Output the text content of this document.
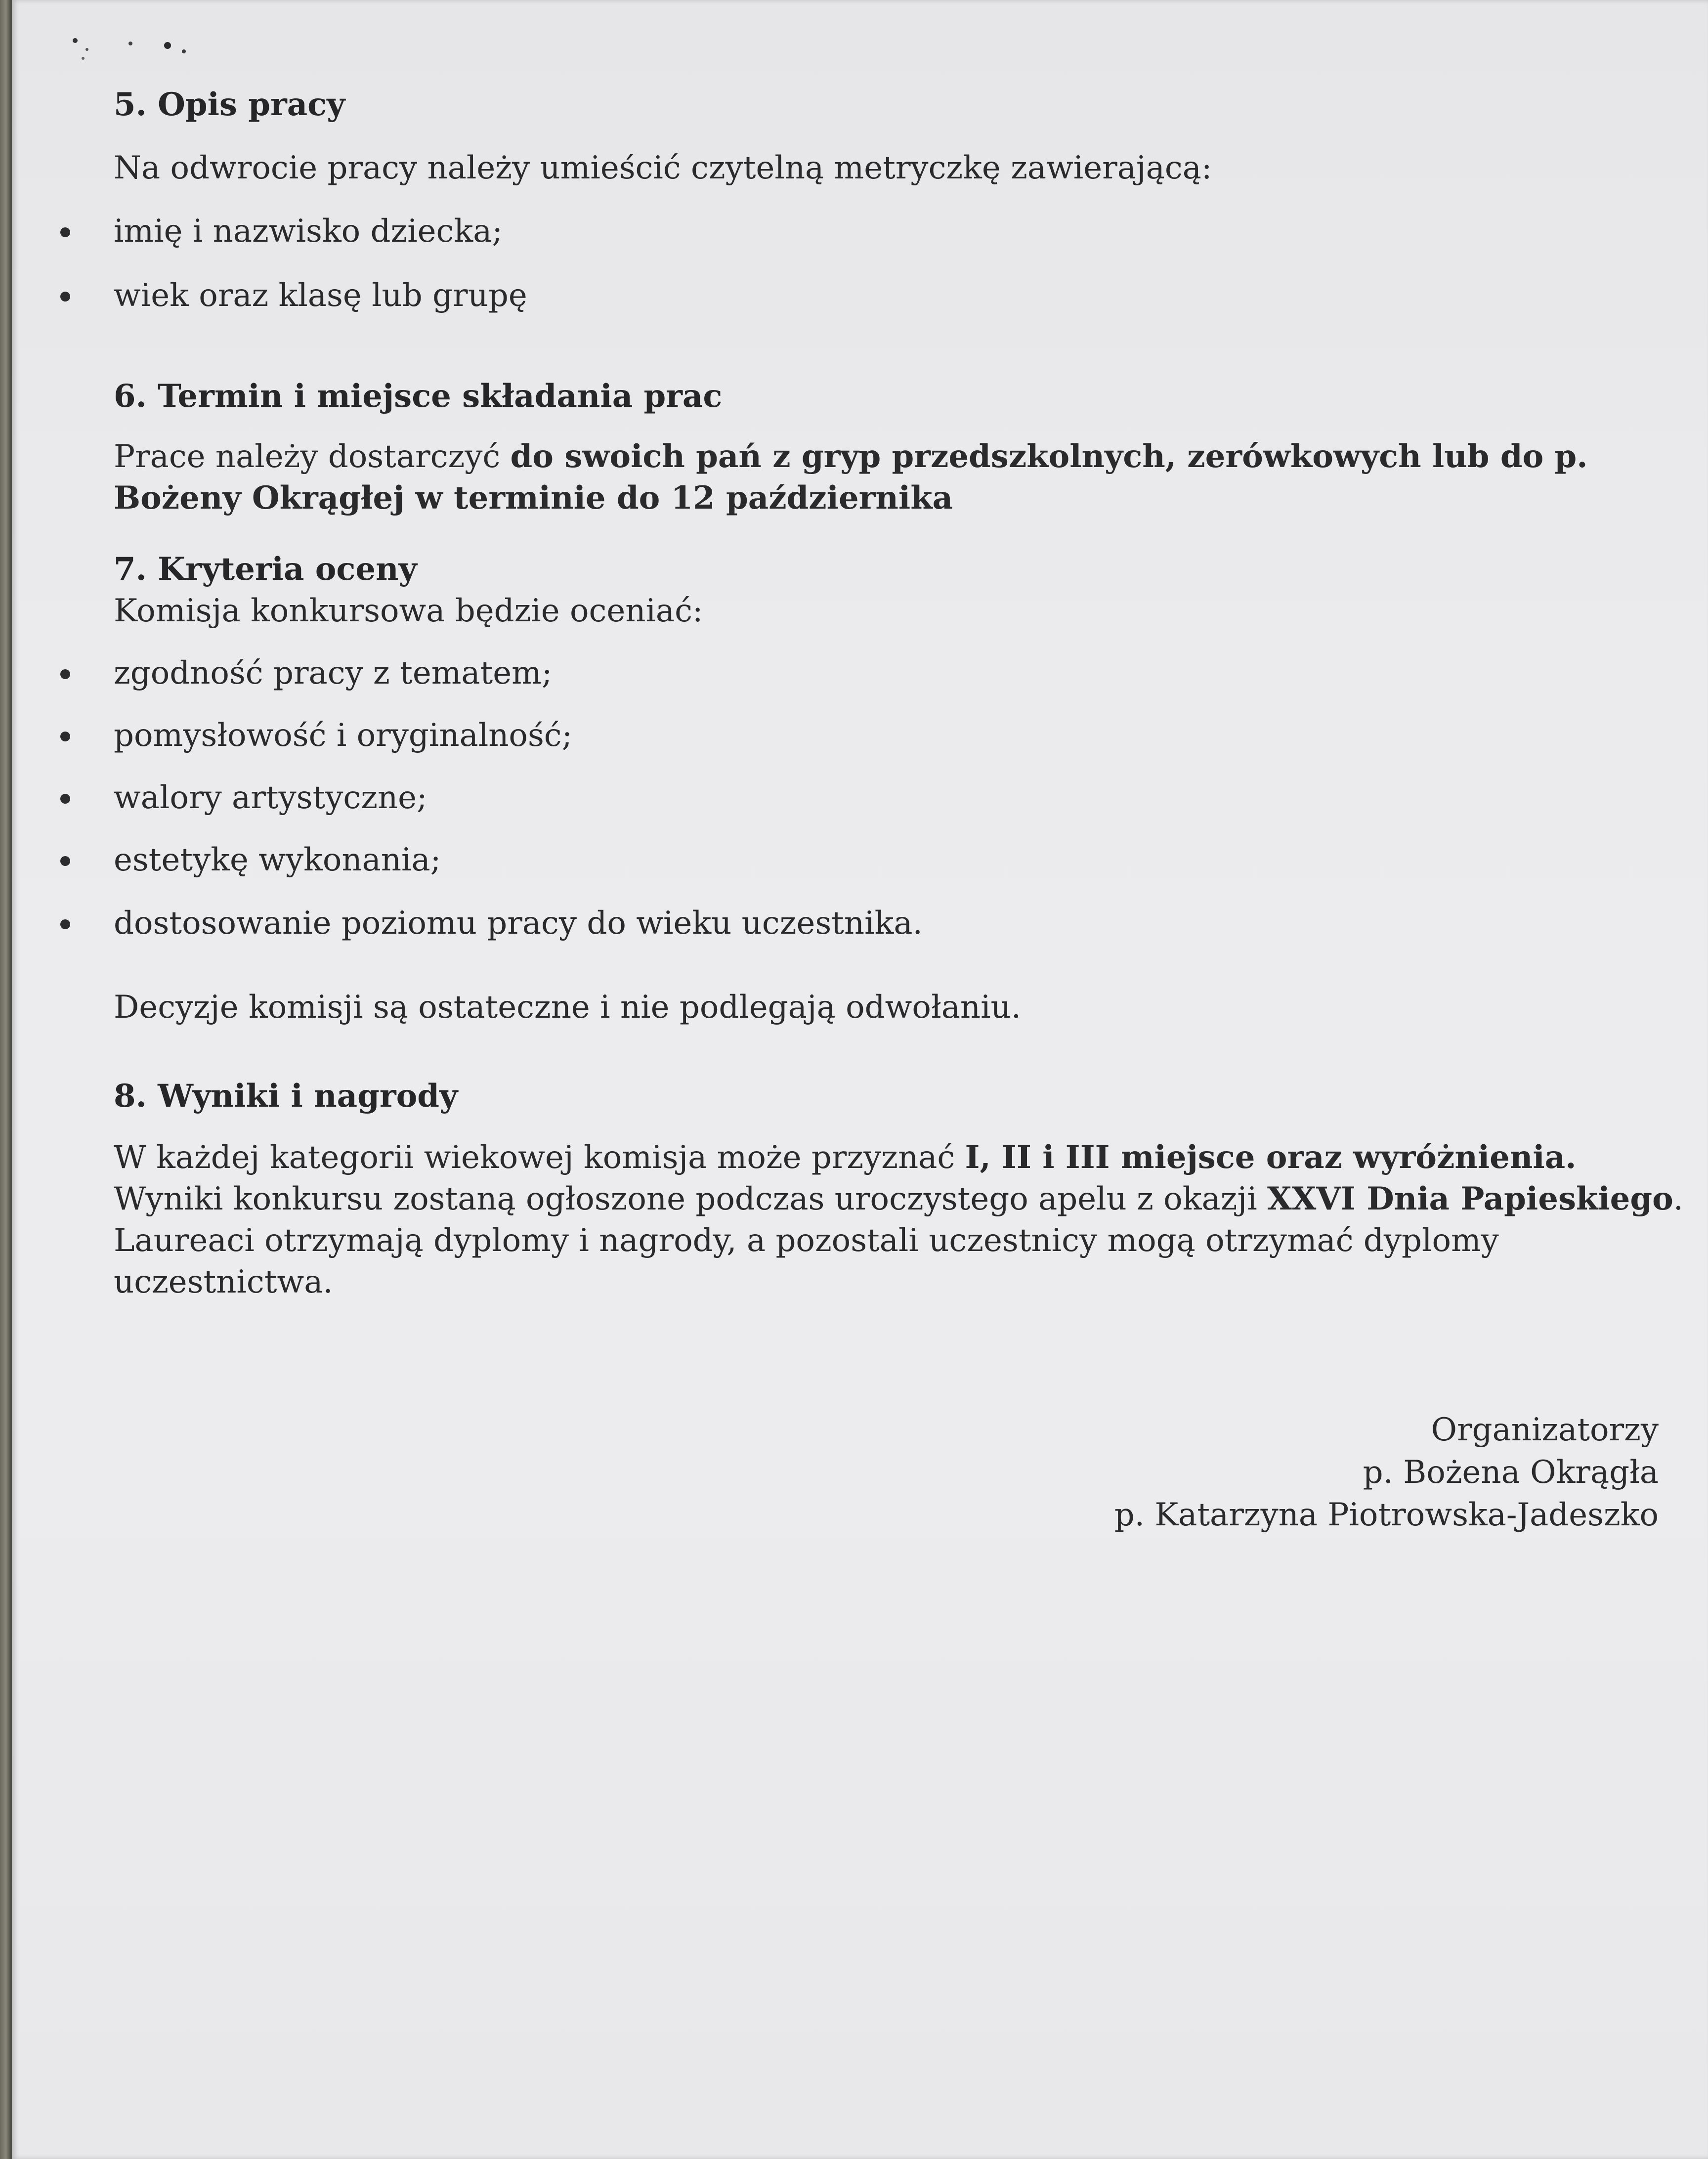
5. Opis pracy

Na odwrocie pracy należy umieścić czytelną metryczkę zawierającą:

imię i nazwisko dziecka;
wiek oraz klasę lub grupę
6. Termin i miejsce składania prac

Prace należy dostarczyć do swoich pań z gryp przedszkolnych, zerówkowych lub do p. Bożeny Okrągłej w terminie do 12 października

7. Kryteria oceny

Komisja konkursowa będzie oceniać:

zgodność pracy z tematem;
pomysłowość i oryginalność;
walory artystyczne;
estetykę wykonania;
dostosowanie poziomu pracy do wieku uczestnika.

Decyzje komisji są ostateczne i nie podlegają odwołaniu.

8. Wyniki i nagrody

W każdej kategorii wiekowej komisja może przyznać I, II i III miejsce oraz wyróżnienia.

Wyniki konkursu zostaną ogłoszone podczas uroczystego apelu z okazji XXVI Dnia Papieskiego.

Laureaci otrzymają dyplomy i nagrody, a pozostali uczestnicy mogą otrzymać dyplomy uczestnictwa.

Organizatorzy
p. Bożena Okrągła
p. Katarzyna Piotrowska-Jadeszko
